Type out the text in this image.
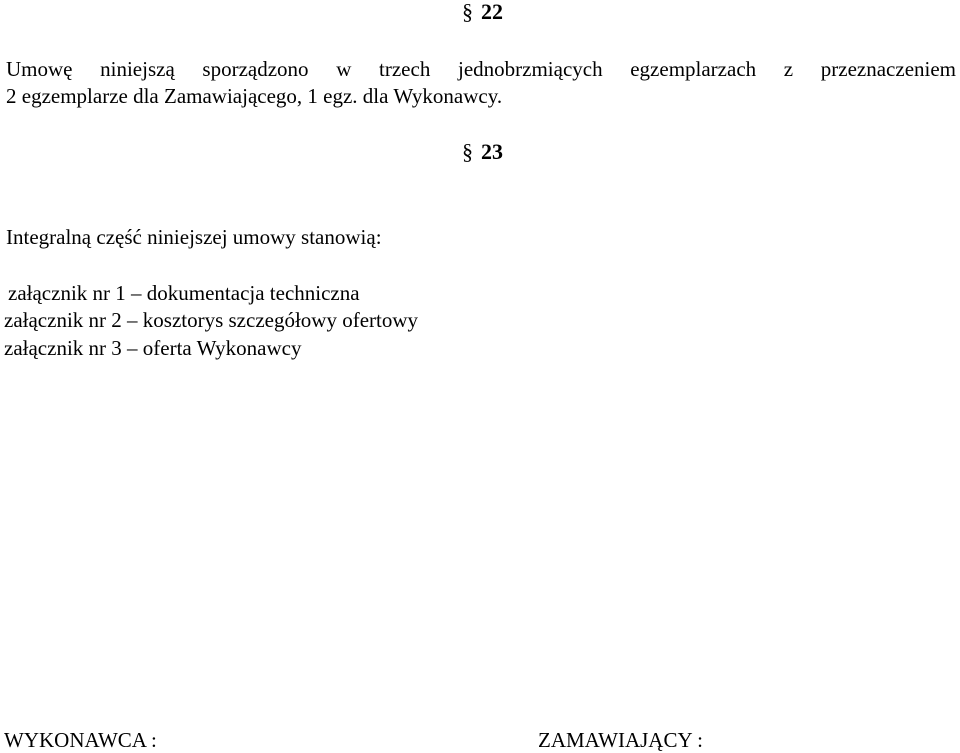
§ 22
Umowę niniejszą sporządzono w trzech jednobrzmiących egzemplarzach z przeznaczeniem
2 egzemplarze dla Zamawiającego, 1 egz. dla Wykonawcy.
§ 23
Integralną część niniejszej umowy stanowią:
załącznik nr 1 – dokumentacja techniczna
załącznik nr 2 – kosztorys szczegółowy ofertowy
załącznik nr 3 – oferta Wykonawcy
WYKONAWCA :	ZAMAWIAJĄCY :
